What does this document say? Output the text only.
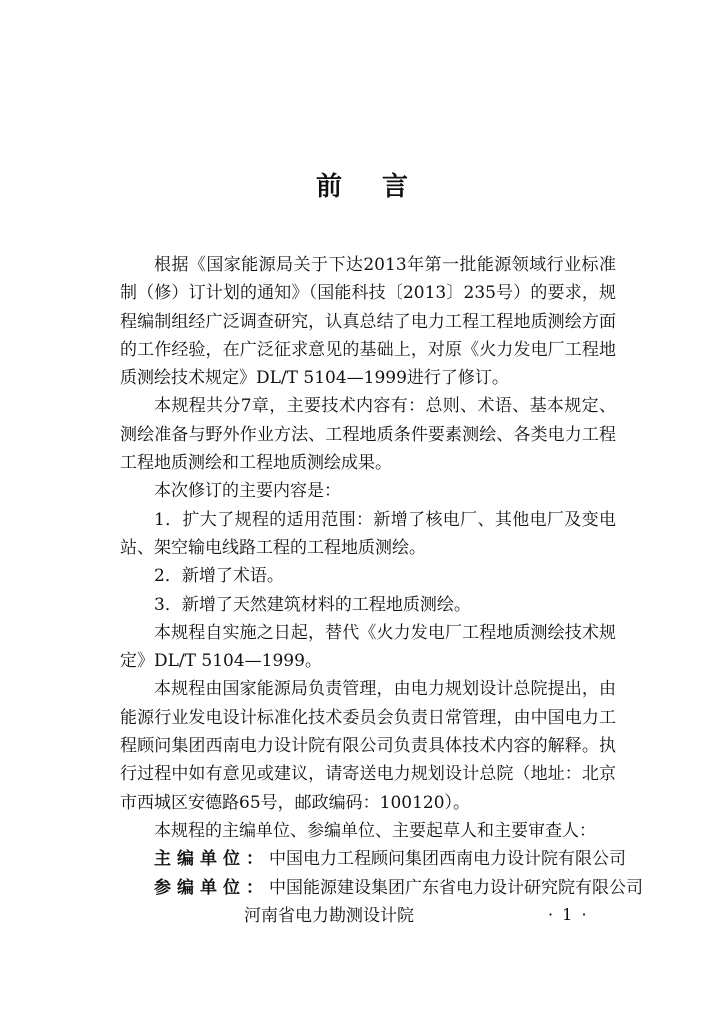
前言

根据《国家能源局关于下达2013年第一批能源领域行业标准制（修）订计划的通知》（国能科技〔2013〕235号）的要求，规程编制组经广泛调查研究，认真总结了电力工程工程地质测绘方面的工作经验，在广泛征求意见的基础上，对原《火力发电厂工程地质测绘技术规定》DL/T 5104—1999进行了修订。

本规程共分7章，主要技术内容有：总则、术语、基本规定、测绘准备与野外作业方法、工程地质条件要素测绘、各类电力工程工程地质测绘和工程地质测绘成果。

本次修订的主要内容是：

1．扩大了规程的适用范围：新增了核电厂、其他电厂及变电站、架空输电线路工程的工程地质测绘。

2．新增了术语。

3．新增了天然建筑材料的工程地质测绘。

本规程自实施之日起，替代《火力发电厂工程地质测绘技术规定》DL/T 5104—1999。

本规程由国家能源局负责管理，由电力规划设计总院提出，由能源行业发电设计标准化技术委员会负责日常管理，由中国电力工程顾问集团西南电力设计院有限公司负责具体技术内容的解释。执行过程中如有意见或建议，请寄送电力规划设计总院（地址：北京市西城区安德路65号，邮政编码：100120）。

本规程的主编单位、参编单位、主要起草人和主要审查人：

主编单位：中国电力工程顾问集团西南电力设计院有限公司

参编单位：中国能源建设集团广东省电力设计研究院有限公司

河南省电力勘测设计院	· 1 ·
